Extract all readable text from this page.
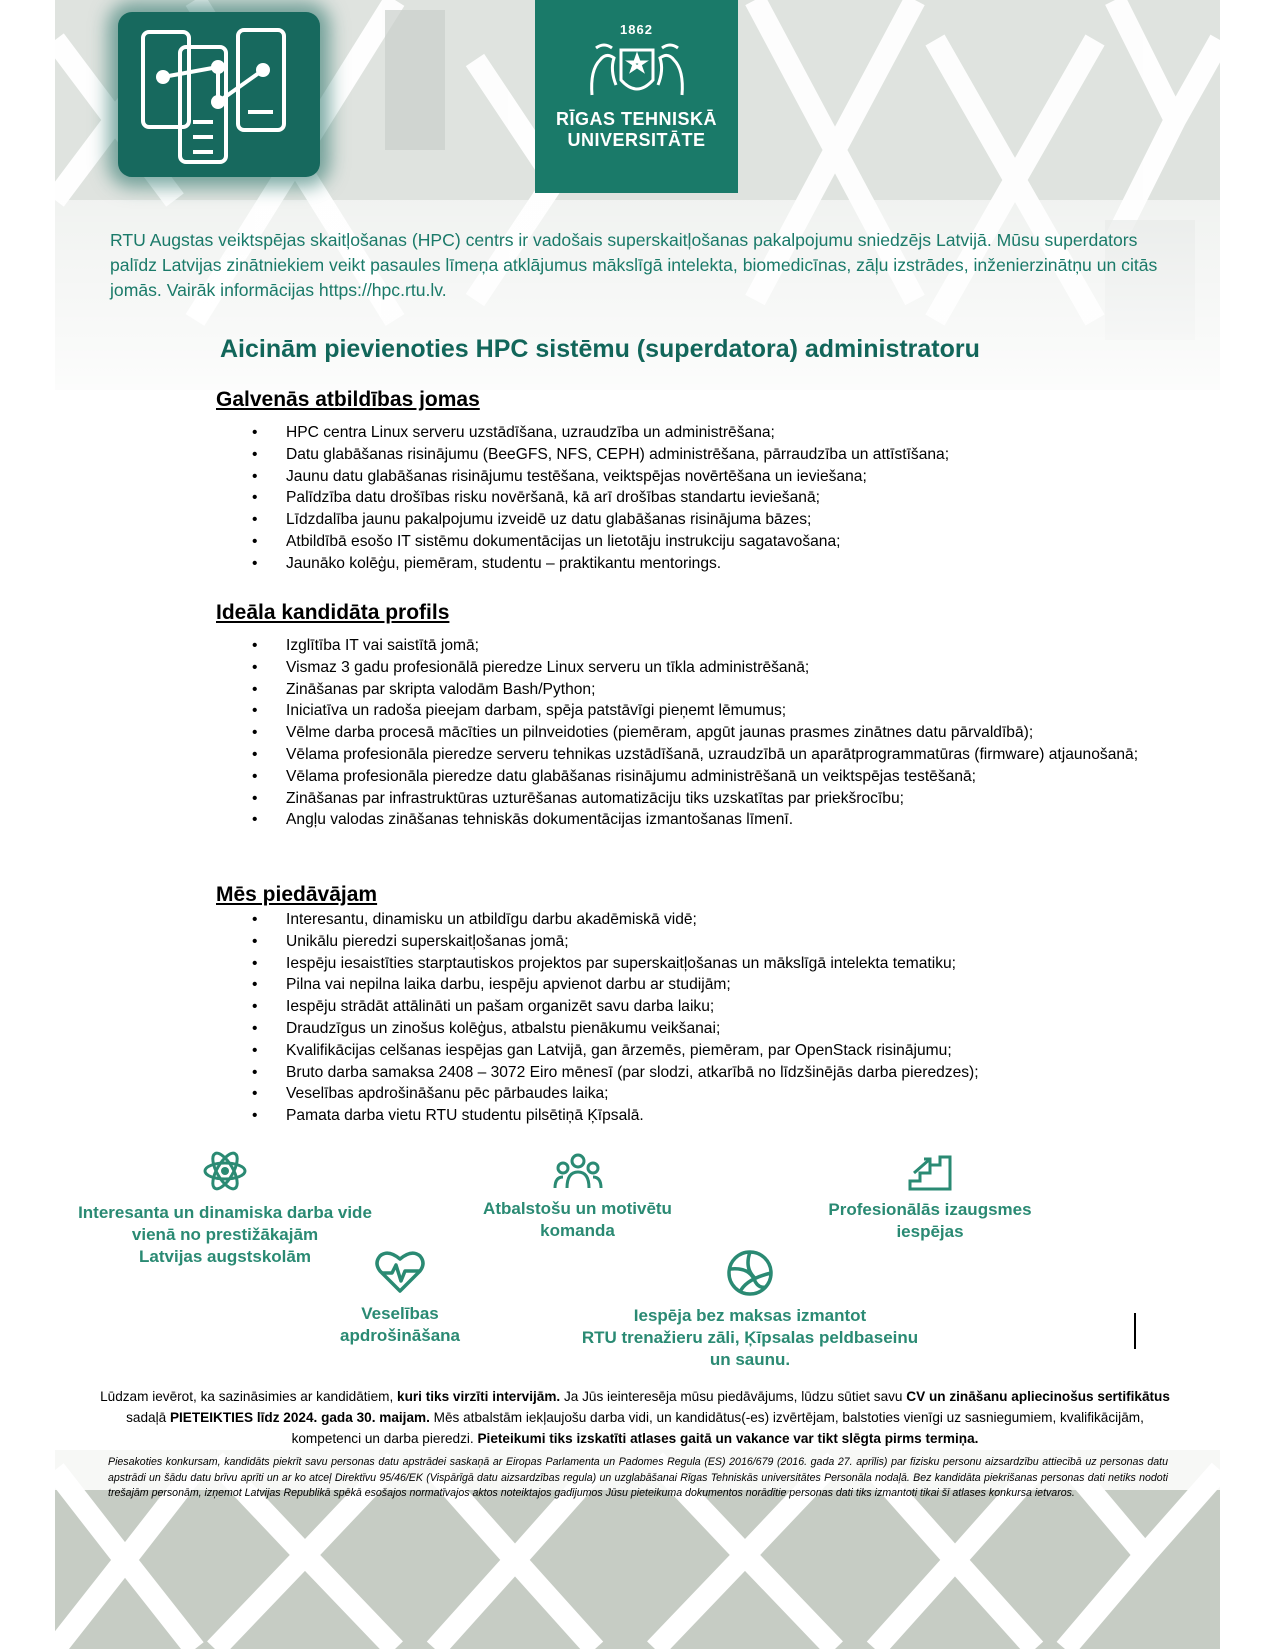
1862
RĪGAS TEHNISKĀ
UNIVERSITĀTE

RTU Augstas veiktspējas skaitļošanas (HPC) centrs ir vadošais superskaitļošanas pakalpojumu sniedzējs Latvijā. Mūsu superdators palīdz Latvijas zinātniekiem veikt pasaules līmeņa atklājumus mākslīgā intelekta, biomedicīnas, zāļu izstrādes, inženierzinātņu un citās jomās. Vairāk informācijas https://hpc.rtu.lv.

Aicinām pievienoties HPC sistēmu (superdatora) administratoru
Galvenās atbildības jomas
• HPC centra Linux serveru uzstādīšana, uzraudzība un administrēšana;
• Datu glabāšanas risinājumu (BeeGFS, NFS, CEPH) administrēšana, pārraudzība un attīstīšana;
• Jaunu datu glabāšanas risinājumu testēšana, veiktspējas novērtēšana un ieviešana;
• Palīdzība datu drošības risku novēršanā, kā arī drošības standartu ieviešanā;
• Līdzdalība jaunu pakalpojumu izveidē uz datu glabāšanas risinājuma bāzes;
• Atbildībā esošo IT sistēmu dokumentācijas un lietotāju instrukciju sagatavošana;
• Jaunāko kolēģu, piemēram, studentu – praktikantu mentorings.
Ideāla kandidāta profils
• Izglītība IT vai saistītā jomā;
• Vismaz 3 gadu profesionālā pieredze Linux serveru un tīkla administrēšanā;
• Zināšanas par skripta valodām Bash/Python;
• Iniciatīva un radoša pieejam darbam, spēja patstāvīgi pieņemt lēmumus;
• Vēlme darba procesā mācīties un pilnveidoties (piemēram, apgūt jaunas prasmes zinātnes datu pārvaldībā);
• Vēlama profesionāla pieredze serveru tehnikas uzstādīšanā, uzraudzībā un aparātprogrammatūras (firmware) atjaunošanā;
• Vēlama profesionāla pieredze datu glabāšanas risinājumu administrēšanā un veiktspējas testēšanā;
• Zināšanas par infrastruktūras uzturēšanas automatizāciju tiks uzskatītas par priekšrocību;
• Angļu valodas zināšanas tehniskās dokumentācijas izmantošanas līmenī.
Mēs piedāvājam
• Interesantu, dinamisku un atbildīgu darbu akadēmiskā vidē;
• Unikālu pieredzi superskaitļošanas jomā;
• Iespēju iesaistīties starptautiskos projektos par superskaitļošanas un mākslīgā intelekta tematiku;
• Pilna vai nepilna laika darbu, iespēju apvienot darbu ar studijām;
• Iespēju strādāt attālināti un pašam organizēt savu darba laiku;
• Draudzīgus un zinošus kolēģus, atbalstu pienākumu veikšanai;
• Kvalifikācijas celšanas iespējas gan Latvijā, gan ārzemēs, piemēram, par OpenStack risinājumu;
• Bruto darba samaksa 2408 – 3072 Eiro mēnesī (par slodzi, atkarībā no līdzšinējās darba pieredzes);
• Veselības apdrošināšanu pēc pārbaudes laika;
• Pamata darba vietu RTU studentu pilsētiņā Ķīpsalā.
Interesanta un dinamiska darba vide
vienā no prestižākajām
Latvijas augstskolām
Atbalstošu un motivētu
komanda
Profesionālās izaugsmes
iespējas
Veselības
apdrošināšana
Iespēja bez maksas izmantot
RTU trenažieru zāli, Ķīpsalas peldbaseinu
un saunu.

Lūdzam ievērot, ka sazināsimies ar kandidātiem, kuri tiks virzīti intervijām. Ja Jūs ieinteresēja mūsu piedāvājums, lūdzu sūtiet savu CV un zināšanu apliecinošus sertifikātus sadaļā PIETEIKTIES līdz 2024. gada 30. maijam. Mēs atbalstām iekļaujošu darba vidi, un kandidātus(-es) izvērtējam, balstoties vienīgi uz sasniegumiem, kvalifikācijām, kompetenci un darba pieredzi. Pieteikumi tiks izskatīti atlases gaitā un vakance var tikt slēgta pirms termiņa.

Piesakoties konkursam, kandidāts piekrīt savu personas datu apstrādei saskaņā ar Eiropas Parlamenta un Padomes Regula (ES) 2016/679 (2016. gada 27. aprīlis) par fizisku personu aizsardzību attiecībā uz personas datu apstrādi un šādu datu brīvu aprīti un ar ko atceļ Direktīvu 95/46/EK (Vispārīgā datu aizsardzības regula) un uzglabāšanai Rīgas Tehniskās universitātes Personāla nodaļā. Bez kandidāta piekrišanas personas dati netiks nodoti trešajām personām, izņemot Latvijas Republikā spēkā esošajos normatīvajos aktos noteiktajos gadījumos Jūsu pieteikuma dokumentos norādītie personas dati tiks izmantoti tikai šī atlases konkursa ietvaros.
